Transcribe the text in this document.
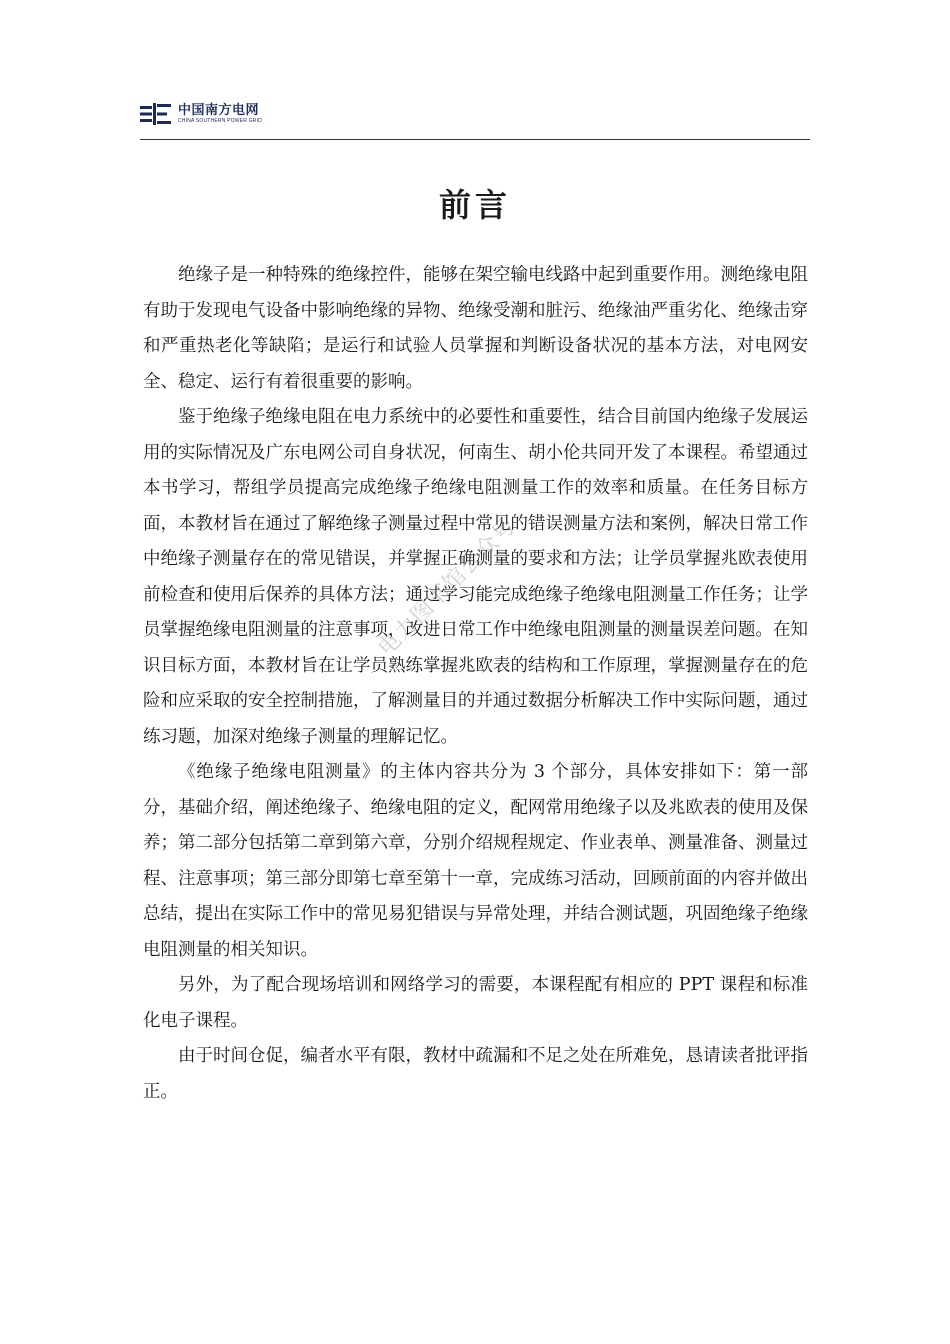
中国南方电网
CHINA SOUTHERN POWER GRID
前言

绝缘子是一种特殊的绝缘控件，能够在架空输电线路中起到重要作用。测绝缘电阻有助于发现电气设备中影响绝缘的异物、绝缘受潮和脏污、绝缘油严重劣化、绝缘击穿和严重热老化等缺陷；是运行和试验人员掌握和判断设备状况的基本方法，对电网安全、稳定、运行有着很重要的影响。

鉴于绝缘子绝缘电阻在电力系统中的必要性和重要性，结合目前国内绝缘子发展运用的实际情况及广东电网公司自身状况，何南生、胡小伦共同开发了本课程。希望通过本书学习，帮组学员提高完成绝缘子绝缘电阻测量工作的效率和质量。在任务目标方面，本教材旨在通过了解绝缘子测量过程中常见的错误测量方法和案例，解决日常工作中绝缘子测量存在的常见错误，并掌握正确测量的要求和方法；让学员掌握兆欧表使用前检查和使用后保养的具体方法；通过学习能完成绝缘子绝缘电阻测量工作任务；让学员掌握绝缘电阻测量的注意事项，改进日常工作中绝缘电阻测量的测量误差问题。在知识目标方面，本教材旨在让学员熟练掌握兆欧表的结构和工作原理，掌握测量存在的危险和应采取的安全控制措施，了解测量目的并通过数据分析解决工作中实际问题，通过练习题，加深对绝缘子测量的理解记忆。

《绝缘子绝缘电阻测量》的主体内容共分为 3 个部分，具体安排如下：第一部分，基础介绍，阐述绝缘子、绝缘电阻的定义，配网常用绝缘子以及兆欧表的使用及保养；第二部分包括第二章到第六章，分别介绍规程规定、作业表单、测量准备、测量过程、注意事项；第三部分即第七章至第十一章，完成练习活动，回顾前面的内容并做出总结，提出在实际工作中的常见易犯错误与异常处理，并结合测试题，巩固绝缘子绝缘电阻测量的相关知识。

另外，为了配合现场培训和网络学习的需要，本课程配有相应的 PPT 课程和标准化电子课程。

由于时间仓促，编者水平有限，教材中疏漏和不足之处在所难免，恳请读者批评指正。

电力图书馆公众号
